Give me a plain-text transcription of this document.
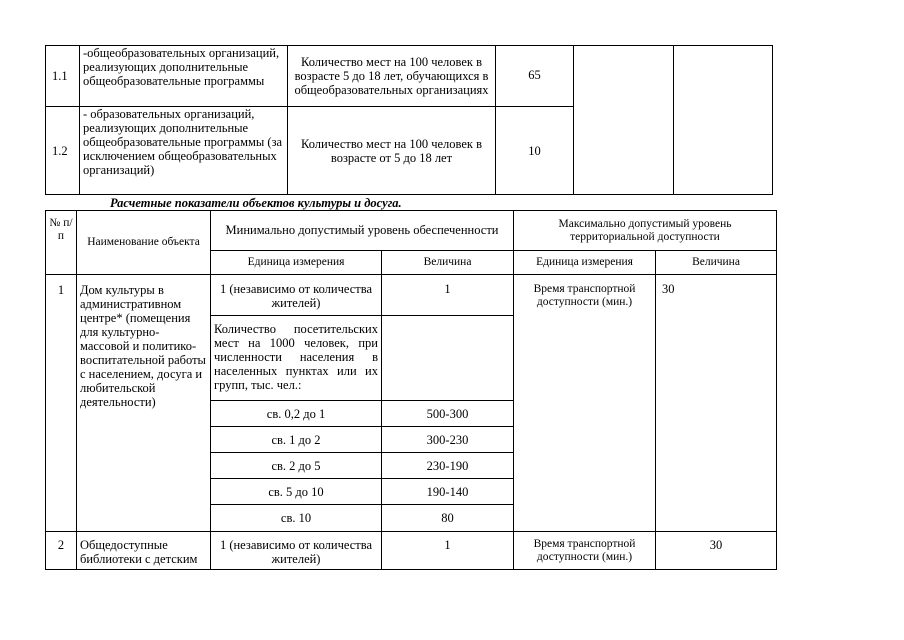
1.1	-общеобразовательных организаций, реализующих дополнительные общеобразовательные программы	Количество мест на 100 человек в возрасте 5 до 18 лет, обучающихся в общеобразовательных организациях	65		
1.2	- образовательных организаций, реализующих дополнительные общеобразовательные программы (за исключением общеобразовательных организаций)	Количество мест на 100 человек в возрасте от 5 до 18 лет	10		
Расчетные показатели объектов культуры и досуга.
№ п/п	Наименование объекта	Минимально допустимый уровень обеспеченности		Максимально допустимый уровень территориальной доступности	
		Единица измерения	Величина	Единица измерения	Величина
1	Дом культуры в административном центре* (помещения для культурно-массовой и политико-воспитательной работы с населением, досуга и любительской деятельности)	1 (независимо от количества жителей)	1	Время транспортной доступности (мин.)	30
		Количество посетительских мест на 1000 человек, при численности населения в населенных пунктах или их групп, тыс. чел.:			
		св. 0,2 до 1	500-300		
		св. 1 до 2	300-230		
		св. 2 до 5	230-190		
		св. 5 до 10	190-140		
		св. 10	80		
2	Общедоступные библиотеки с детским	1 (независимо от количества жителей)	1	Время транспортной доступности (мин.)	30
